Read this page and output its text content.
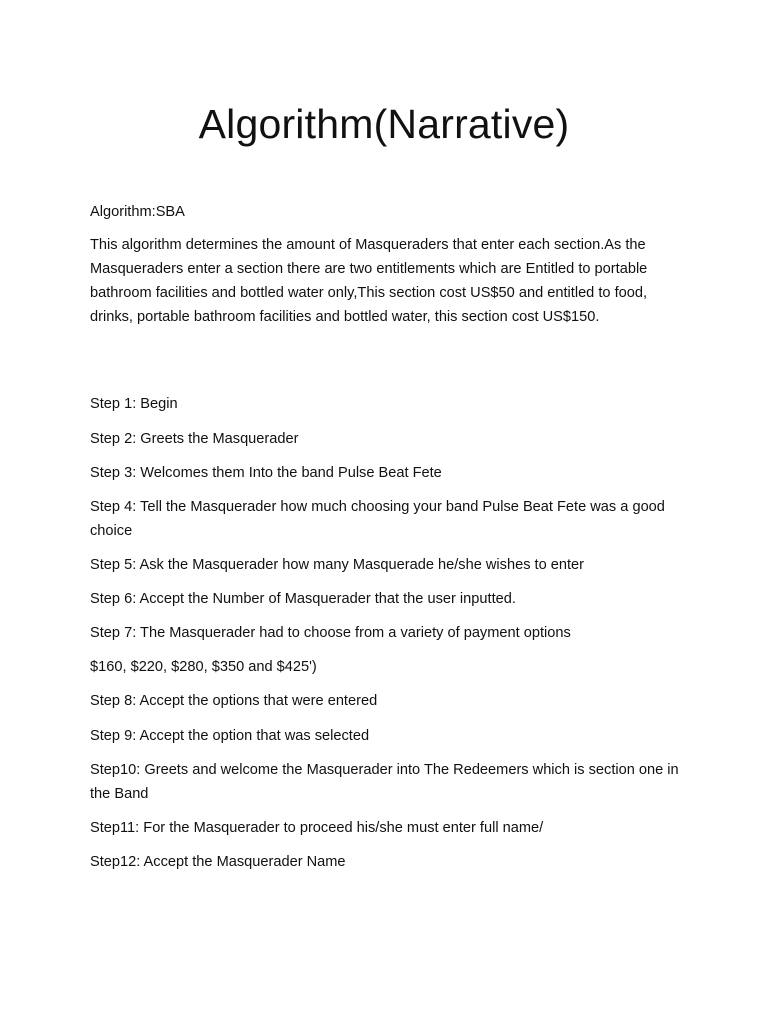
Algorithm(Narrative)

Algorithm:SBA

This algorithm determines the amount of Masqueraders that enter each section.As the Masqueraders enter a section there are two entitlements which are Entitled to portable bathroom facilities and bottled water only,This section cost US$50 and entitled to food, drinks, portable bathroom facilities and bottled water, this section cost US$150.

Step 1: Begin

Step 2: Greets the Masquerader

Step 3: Welcomes them Into the band Pulse Beat Fete

Step 4: Tell the Masquerader how much choosing your band Pulse Beat Fete was a good choice

Step 5: Ask the Masquerader how many Masquerade he/she wishes to enter

Step 6: Accept the Number of Masquerader that the user inputted.

Step 7: The Masquerader had to choose from a variety of payment options

$160, $220, $280, $350 and $425')

Step 8: Accept the options that were entered

Step 9: Accept the option that was selected

Step10: Greets and welcome the Masquerader into The Redeemers which is section one in the Band

Step11: For the Masquerader to proceed his/she must enter full name/

Step12: Accept the Masquerader Name
